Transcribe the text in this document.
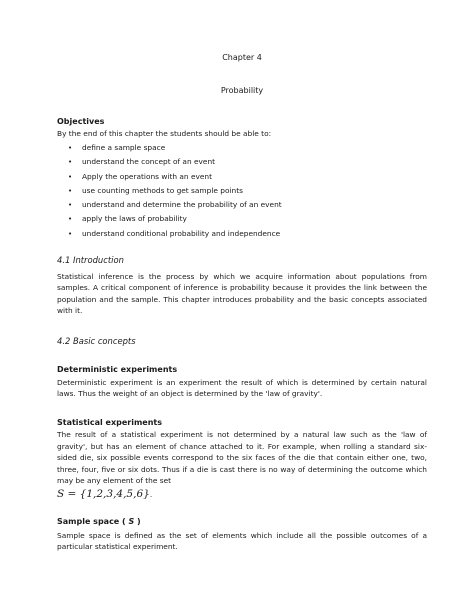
Chapter 4

Probability

Objectives

By the end of this chapter the students should be able to:

• define a sample space
• understand the concept of an event
• Apply the operations with an event
• use counting methods to get sample points
• understand and determine the probability of an event
• apply the laws of probability
• understand conditional probability and independence

4.1 Introduction

Statistical inference is the process by which we acquire information about populations from samples. A critical component of inference is probability because it provides the link between the population and the sample. This chapter introduces probability and the basic concepts associated with it.

4.2 Basic concepts

Deterministic experiments

Deterministic experiment is an experiment the result of which is determined by certain natural laws. Thus the weight of an object is determined by the 'law of gravity'.

Statistical experiments

The result of a statistical experiment is not determined by a natural law such as the 'law of gravity', but has an element of chance attached to it. For example, when rolling a standard six-sided die, six possible events correspond to the six faces of the die that contain either one, two, three, four, five or six dots. Thus if a die is cast there is no way of determining the outcome which may be any element of the set

S = {1,2,3,4,5,6}.

Sample space ( S )

Sample space is defined as the set of elements which include all the possible outcomes of a particular statistical experiment.
